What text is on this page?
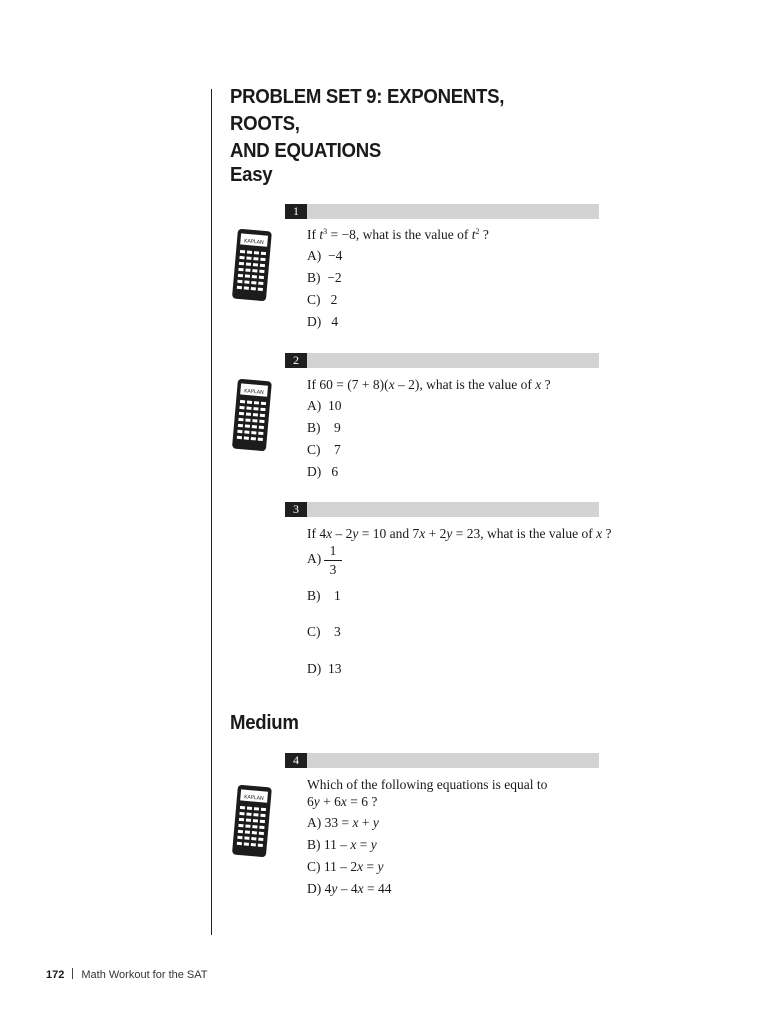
PROBLEM SET 9: EXPONENTS, ROOTS,
AND EQUATIONS
Easy
1
KAPLAN
If $t^3 = -8$, what is the value of $t^2$ ?
A) −4
B) −2
C) 2
D) 4
2
KAPLAN
If 60 = (7 + 8)(x – 2), what is the value of x ?
A) 10
B) 9
C) 7
D) 6
3
If 4x – 2y = 10 and 7x + 2y = 23, what is the value of x ?
A)
1
3
B) 1
C) 3
D) 13
Medium
4
KAPLAN
Which of the following equations is equal to
6y + 6x = 6 ?
A) 33 = x + y
B) 11 – x = y
C) 11 – 2x = y
D) 4y – 4x = 44
172 Math Workout for the SAT
